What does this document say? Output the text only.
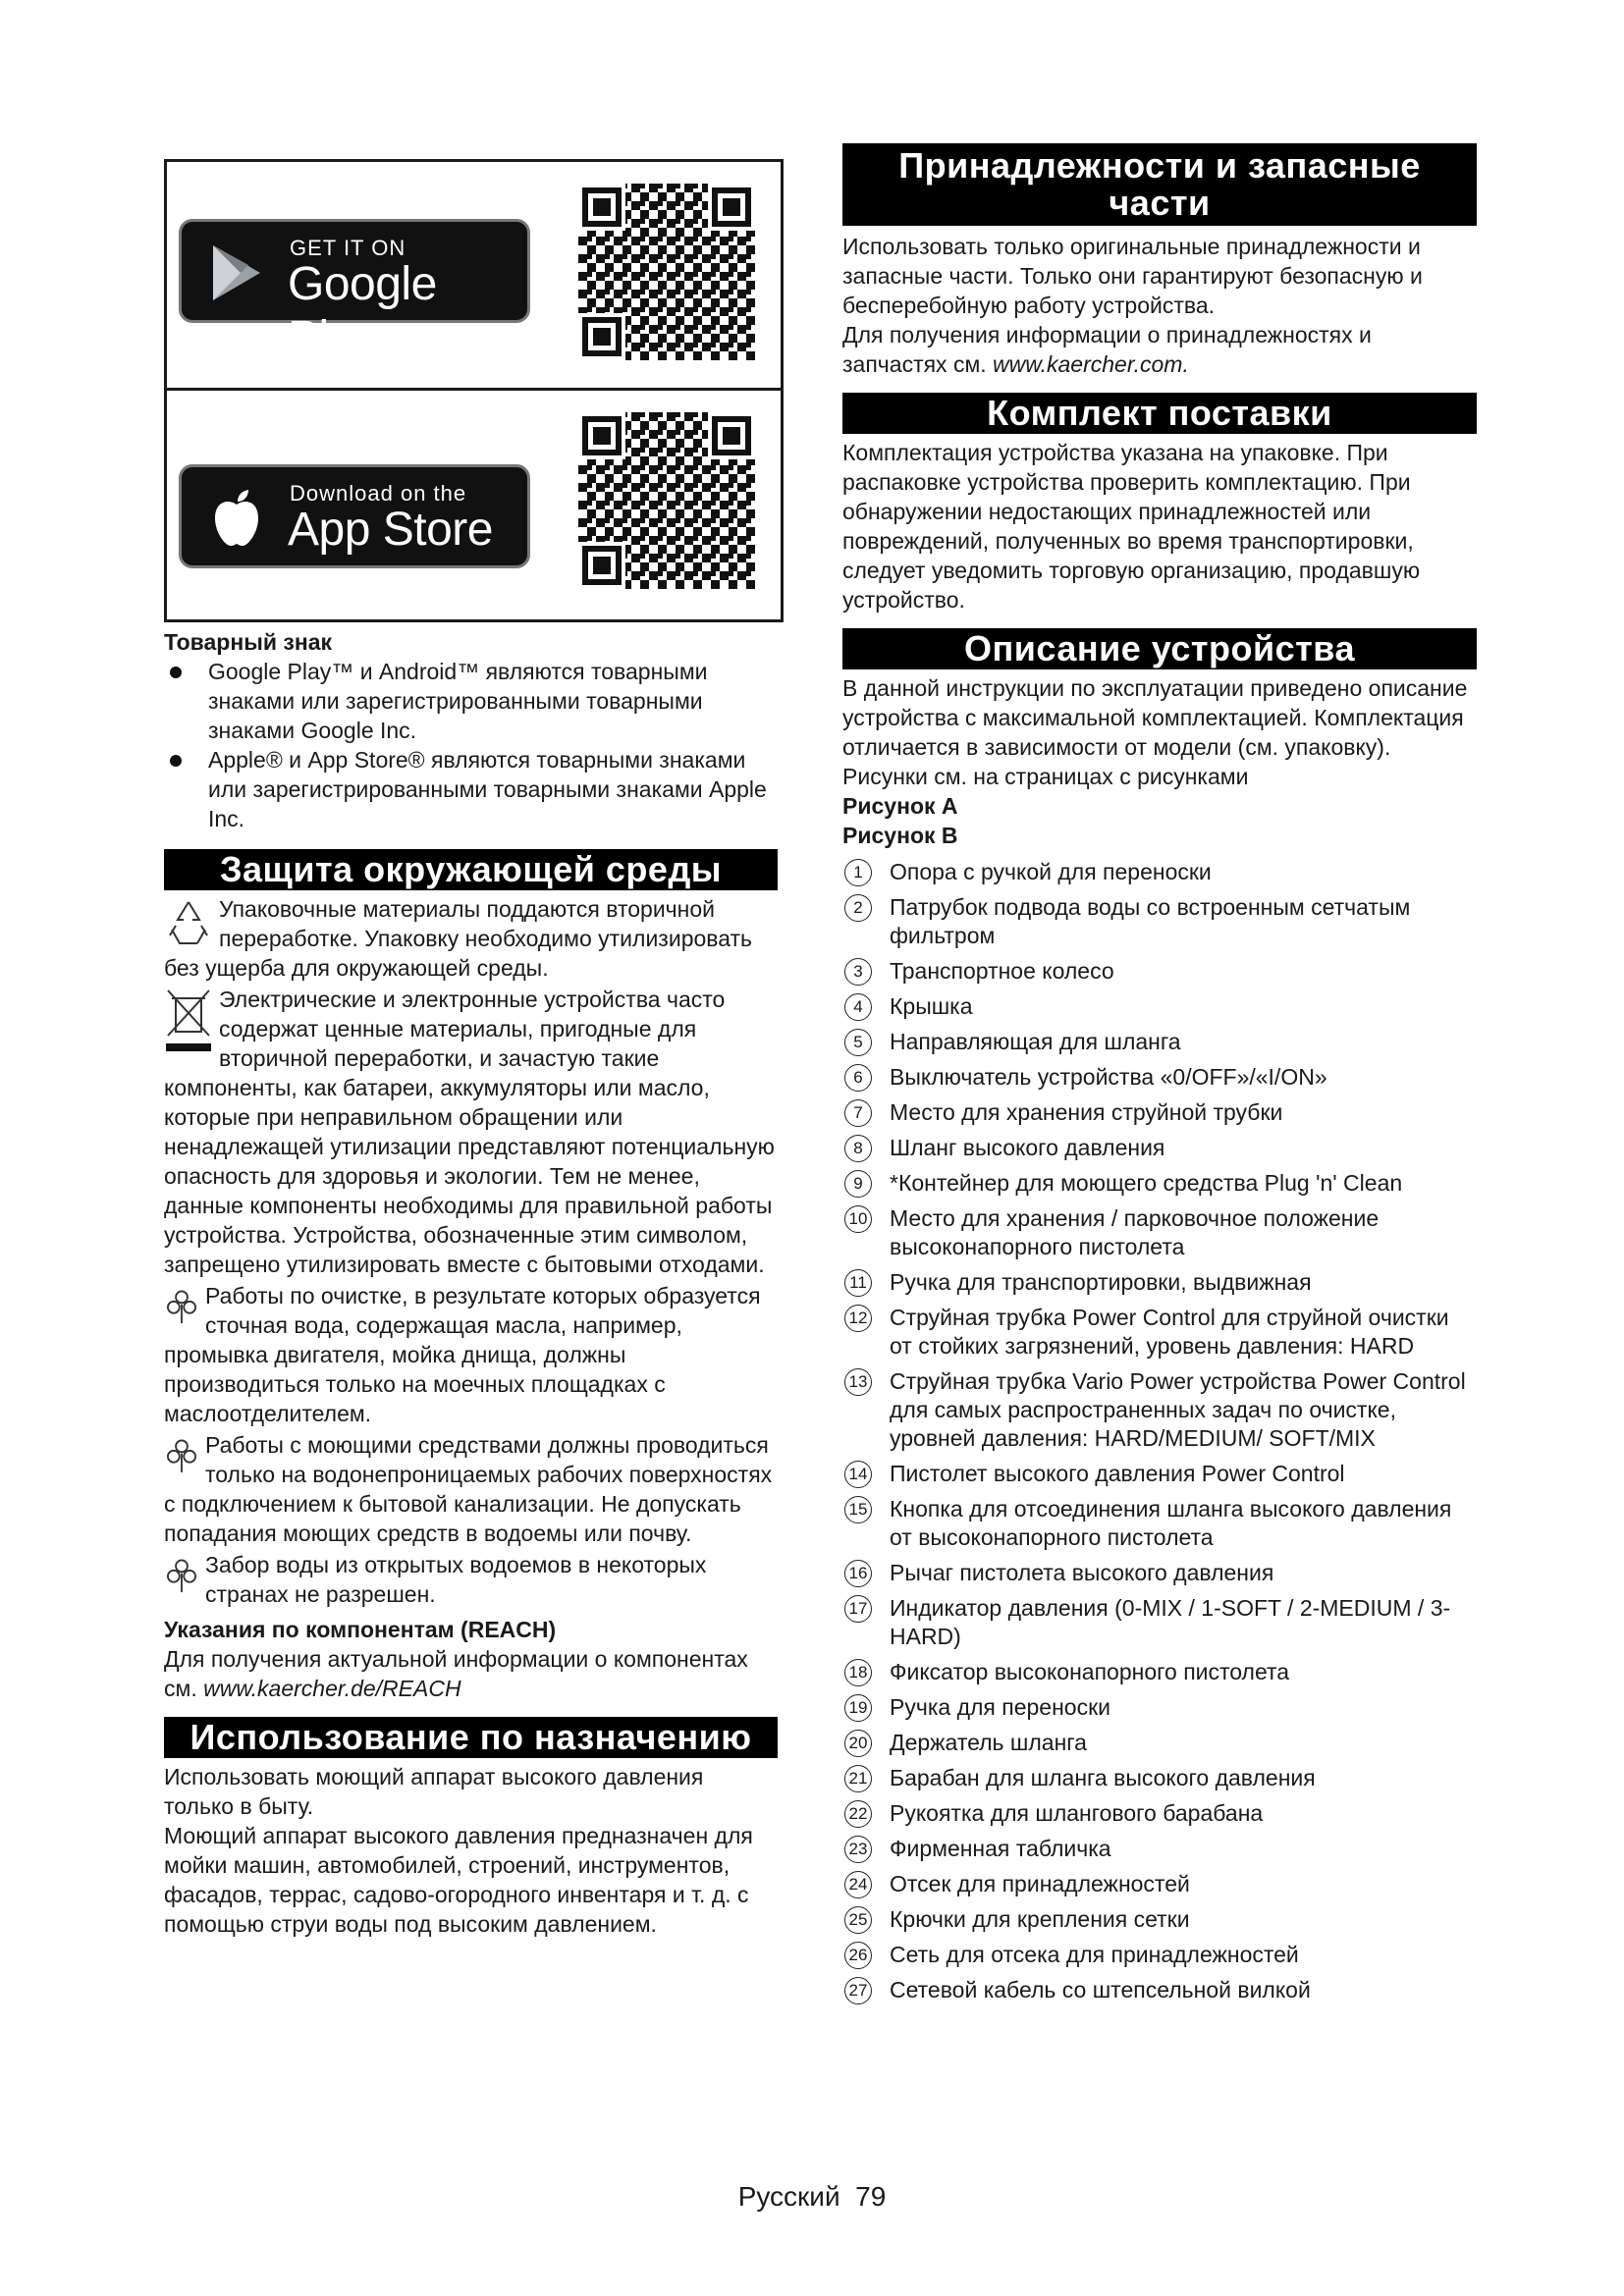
GET IT ON
Google Play
Download on the
App Store

Товарный знак

Google Play™ и Android™ являются товарными знаками или зарегистрированными товарными знаками Google Inc.
Apple® и App Store® являются товарными знаками или зарегистрированными товарными знаками Apple Inc.
Защита окружающей среды

Упаковочные материалы поддаются вторичной переработке. Упаковку необходимо утилизировать без ущерба для окружающей среды.

Электрические и электронные устройства часто содержат ценные материалы, пригодные для вторичной переработки, и зачастую такие компоненты, как батареи, аккумуляторы или масло, которые при неправильном обращении или ненадлежащей утилизации представляют потенциальную опасность для здоровья и экологии. Тем не менее, данные компоненты необходимы для правильной работы устройства. Устройства, обозначенные этим символом, запрещено утилизировать вместе с бытовыми отходами.

Работы по очистке, в результате которых образуется сточная вода, содержащая масла, например, промывка двигателя, мойка днища, должны производиться только на моечных площадках с маслоотделителем.

Работы с моющими средствами должны проводиться только на водонепроницаемых рабочих поверхностях с подключением к бытовой канализации. Не допускать попадания моющих средств в водоемы или почву.

Забор воды из открытых водоемов в некоторых странах не разрешен.

Указания по компонентам (REACH)

Для получения актуальной информации о компонентах см. www.kaercher.de/REACH

Использование по назначению

Использовать моющий аппарат высокого давления только в быту.

Моющий аппарат высокого давления предназначен для мойки машин, автомобилей, строений, инструментов, фасадов, террас, садово-огородного инвентаря и т. д. с помощью струи воды под высоким давлением.

Принадлежности и запасные части

Использовать только оригинальные принадлежности и запасные части. Только они гарантируют безопасную и бесперебойную работу устройства.

Для получения информации о принадлежностях и запчастях см. www.kaercher.com.

Комплект поставки

Комплектация устройства указана на упаковке. При распаковке устройства проверить комплектацию. При обнаружении недостающих принадлежностей или повреждений, полученных во время транспортировки, следует уведомить торговую организацию, продавшую устройство.

Описание устройства

В данной инструкции по эксплуатации приведено описание устройства с максимальной комплектацией. Комплектация отличается в зависимости от модели (см. упаковку).

Рисунки см. на страницах с рисунками

Рисунок A

Рисунок B

1	Опора с ручкой для переноски
2	Патрубок подвода воды со встроенным сетчатым фильтром
3	Транспортное колесо
4	Крышка
5	Направляющая для шланга
6	Выключатель устройства «0/OFF»/«I/ON»
7	Место для хранения струйной трубки
8	Шланг высокого давления
9	*Контейнер для моющего средства Plug 'n' Clean
10 Место для хранения / парковочное положение высоконапорного пистолета
11 Ручка для транспортировки, выдвижная
12 Струйная трубка Power Control для струйной очистки от стойких загрязнений, уровень давления: HARD
13 Струйная трубка Vario Power устройства Power Control для самых распространенных задач по очистке, уровней давления: HARD/MEDIUM/ SOFT/MIX
14 Пистолет высокого давления Power Control
15 Кнопка для отсоединения шланга высокого давления от высоконапорного пистолета
16 Рычаг пистолета высокого давления
17 Индикатор давления (0-MIX / 1-SOFT / 2-MEDIUM / 3-HARD)
18 Фиксатор высоконапорного пистолета
19 Ручка для переноски
20 Держатель шланга
21 Барабан для шланга высокого давления
22 Рукоятка для шлангового барабана
23 Фирменная табличка
24 Отсек для принадлежностей
25 Крючки для крепления сетки
26 Сеть для отсека для принадлежностей
27 Сетевой кабель со штепсельной вилкой
Русский 79
